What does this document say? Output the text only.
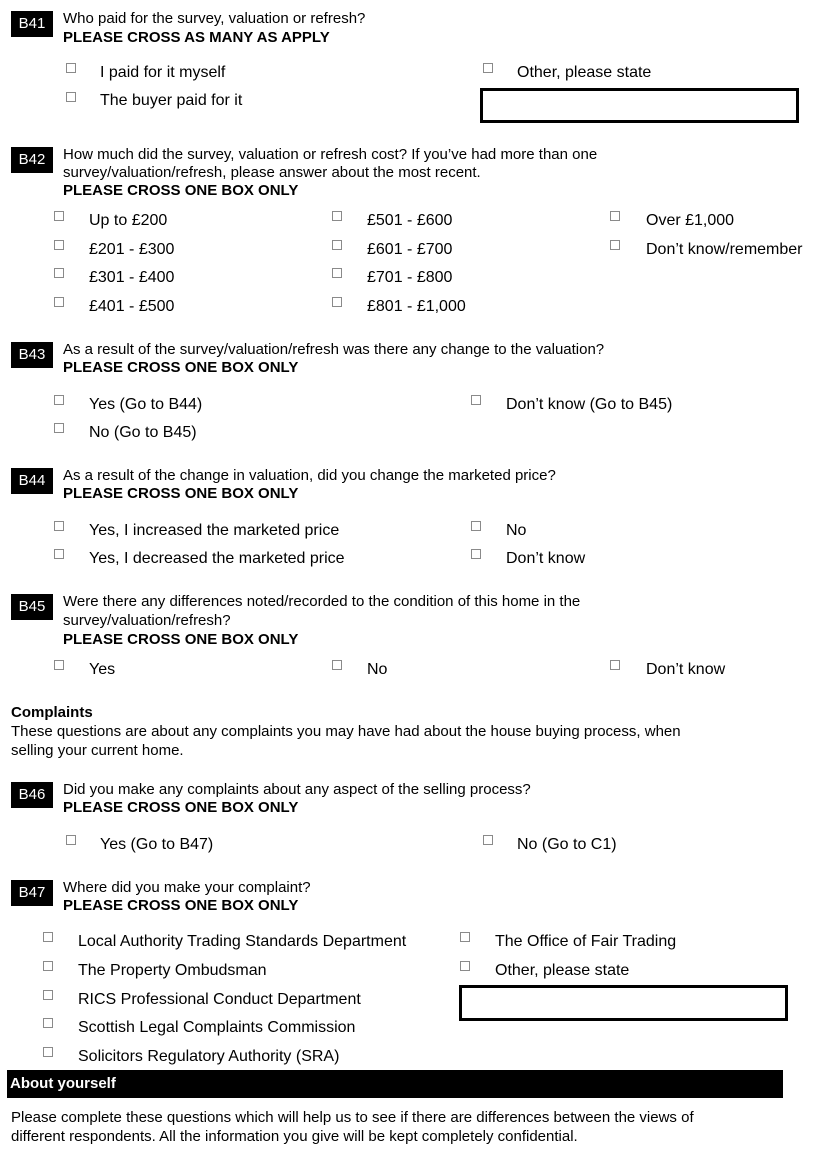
B41	Who paid for the survey, valuation or refresh?
PLEASE CROSS AS MANY AS APPLY
I paid for it myself
The buyer paid for it
Other, please state
B42	How much did the survey, valuation or refresh cost? If you’ve had more than one
survey/valuation/refresh, please answer about the most recent.
PLEASE CROSS ONE BOX ONLY
Up to £200
£201 - £300
£301 - £400
£401 - £500
£501 - £600
£601 - £700
£701 - £800
£801 - £1,000
Over £1,000
Don’t know/remember
B43	As a result of the survey/valuation/refresh was there any change to the valuation?
PLEASE CROSS ONE BOX ONLY
Yes (Go to B44)
No (Go to B45)
Don’t know (Go to B45)
B44	As a result of the change in valuation, did you change the marketed price?
PLEASE CROSS ONE BOX ONLY
Yes, I increased the marketed price
Yes, I decreased the marketed price
No
Don’t know
B45	Were there any differences noted/recorded to the condition of this home in the
survey/valuation/refresh?
PLEASE CROSS ONE BOX ONLY
Yes	No	Don’t know
Complaints
These questions are about any complaints you may have had about the house buying process, when
selling your current home.
B46	Did you make any complaints about any aspect of the selling process?
PLEASE CROSS ONE BOX ONLY
Yes (Go to B47)	No (Go to C1)
B47	Where did you make your complaint?
PLEASE CROSS ONE BOX ONLY
Local Authority Trading Standards Department
The Property Ombudsman
RICS Professional Conduct Department
Scottish Legal Complaints Commission
Solicitors Regulatory Authority (SRA)
The Office of Fair Trading
Other, please state
About yourself
Please complete these questions which will help us to see if there are differences between the views of
different respondents. All the information you give will be kept completely confidential.
